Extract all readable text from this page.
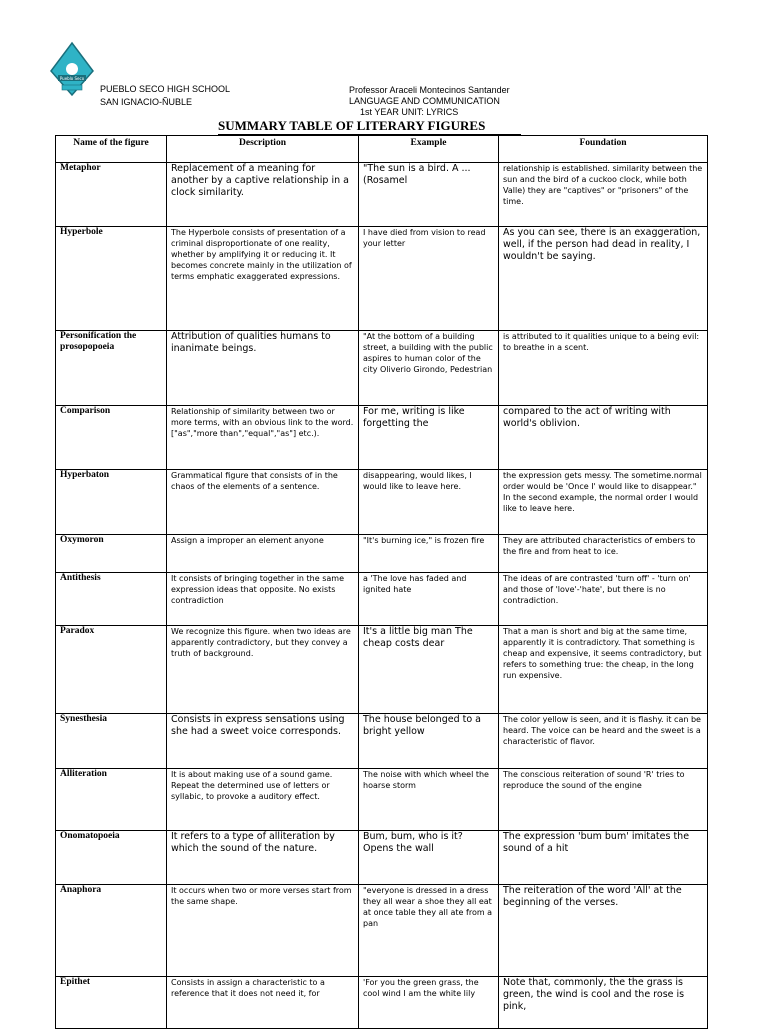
Pueblo Seco
PUEBLO SECO HIGH SCHOOL
SAN IGNACIO-ÑUBLE
Professor Araceli Montecinos Santander
LANGUAGE AND COMMUNICATION
1st YEAR UNIT: LYRICS
SUMMARY TABLE OF LITERARY FIGURES
Name of the figure	Description	Example	Foundation
Metaphor	Replacement of a meaning for another by a captive relationship in a clock similarity.	"The sun is a bird. A ... (Rosamel	relationship is established. similarity between the sun and the bird of a cuckoo clock, while both Valle) they are "captives" or "prisoners" of the time.
Hyperbole	The Hyperbole consists of presentation of a criminal disproportionate of one reality, whether by amplifying it or reducing it. It becomes concrete mainly in the utilization of terms emphatic exaggerated expressions.	I have died from vision to read your letter	As you can see, there is an exaggeration, well, if the person had dead in reality, I wouldn't be saying.
Personification the prosopopoeia	Attribution of qualities humans to inanimate beings.	"At the bottom of a building street, a building with the public aspires to human color of the city Oliverio Girondo, Pedestrian	is attributed to it qualities unique to a being evil: to breathe in a scent.
Comparison	Relationship of similarity between two or more terms, with an obvious link to the word. ["as","more than","equal","as"] etc.).	For me, writing is like forgetting the	compared to the act of writing with world's oblivion.
Hyperbaton	Grammatical figure that consists of in the chaos of the elements of a sentence.	disappearing, would likes, I would like to leave here.	the expression gets messy. The sometime.normal order would be 'Once I' would like to disappear." In the second example, the normal order I would like to leave here.
Oxymoron	Assign a improper an element anyone	"It's burning ice," is frozen fire	They are attributed characteristics of embers to the fire and from heat to ice.
Antithesis	It consists of bringing together in the same expression ideas that opposite. No exists contradiction	a 'The love has faded and ignited hate	The ideas of are contrasted 'turn off' - 'turn on' and those of 'love'-'hate', but there is no contradiction.
Paradox	We recognize this figure. when two ideas are apparently contradictory, but they convey a truth of background.	It's a little big man The cheap costs dear	That a man is short and big at the same time, apparently it is contradictory. That something is cheap and expensive, it seems contradictory, but refers to something true: the cheap, in the long run expensive.
Synesthesia	Consists in express sensations using she had a sweet voice corresponds.	The house belonged to a bright yellow	The color yellow is seen, and it is flashy. it can be heard. The voice can be heard and the sweet is a characteristic of flavor.
Alliteration	It is about making use of a sound game. Repeat the determined use of letters or syllabic, to provoke a auditory effect.	The noise with which wheel the hoarse storm	The conscious reiteration of sound 'R' tries to reproduce the sound of the engine
Onomatopoeia	It refers to a type of alliteration by which the sound of the nature.	Bum, bum, who is it? Opens the wall	The expression 'bum bum' imitates the sound of a hit
Anaphora	It occurs when two or more verses start from the same shape.	"everyone is dressed in a dress they all wear a shoe they all eat at once table they all ate from a pan	The reiteration of the word 'All' at the beginning of the verses.
Epithet	Consists in assign a characteristic to a reference that it does not need it, for	'For you the green grass, the cool wind I am the white lily	Note that, commonly, the the grass is green, the wind is cool and the rose is pink,
